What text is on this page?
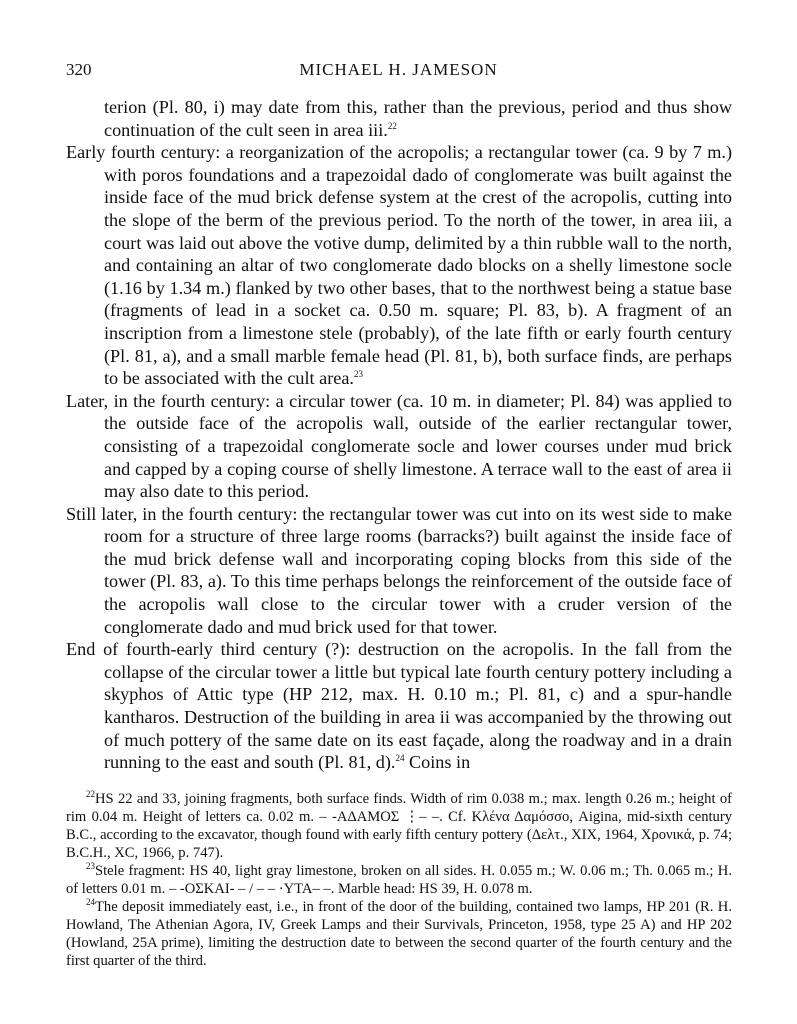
320	MICHAEL H. JAMESON

terion (Pl. 80, i) may date from this, rather than the previous, period and thus show continuation of the cult seen in area iii.$^{22}$

Early fourth century: a reorganization of the acropolis; a rectangular tower (ca. 9 by 7 m.) with poros foundations and a trapezoidal dado of conglomerate was built against the inside face of the mud brick defense system at the crest of the acropolis, cutting into the slope of the berm of the previous period. To the north of the tower, in area iii, a court was laid out above the votive dump, delimited by a thin rubble wall to the north, and containing an altar of two conglomerate dado blocks on a shelly limestone socle (1.16 by 1.34 m.) flanked by two other bases, that to the northwest being a statue base (fragments of lead in a socket ca. 0.50 m. square; Pl. 83, b). A fragment of an inscription from a limestone stele (probably), of the late fifth or early fourth century (Pl. 81, a), and a small marble female head (Pl. 81, b), both surface finds, are perhaps to be associated with the cult area.$^{23}$

Later, in the fourth century: a circular tower (ca. 10 m. in diameter; Pl. 84) was applied to the outside face of the acropolis wall, outside of the earlier rectangular tower, consisting of a trapezoidal conglomerate socle and lower courses under mud brick and capped by a coping course of shelly limestone. A terrace wall to the east of area ii may also date to this period.

Still later, in the fourth century: the rectangular tower was cut into on its west side to make room for a structure of three large rooms (barracks?) built against the inside face of the mud brick defense wall and incorporating coping blocks from this side of the tower (Pl. 83, a). To this time perhaps belongs the reinforcement of the outside face of the acropolis wall close to the circular tower with a cruder version of the conglomerate dado and mud brick used for that tower.

End of fourth-early third century (?): destruction on the acropolis. In the fall from the collapse of the circular tower a little but typical late fourth century pottery including a skyphos of Attic type (HP 212, max. H. 0.10 m.; Pl. 81, c) and a spur-handle kantharos. Destruction of the building in area ii was accompanied by the throwing out of much pottery of the same date on its east façade, along the roadway and in a drain running to the east and south (Pl. 81, d).$^{24}$ Coins in

$^{22}$HS 22 and 33, joining fragments, both surface finds. Width of rim 0.038 m.; max. length 0.26 m.; height of rim 0.04 m. Height of letters ca. 0.02 m. – -ΑΔΑΜΟΣ ⋮– –. Cf. Κλένα Δαμόσσο, Aigina, mid-sixth century B.C., according to the excavator, though found with early fifth century pottery (Δελτ., XIX, 1964, Χρονικά, p. 74; B.C.H., XC, 1966, p. 747).

$^{23}$Stele fragment: HS 40, light gray limestone, broken on all sides. H. 0.055 m.; W. 0.06 m.; Th. 0.065 m.; H. of letters 0.01 m. – -ΟΣΚΑΙ- – / – – ·ΥΤΑ– –. Marble head: HS 39, H. 0.078 m.

$^{24}$The deposit immediately east, i.e., in front of the door of the building, contained two lamps, HP 201 (R. H. Howland, The Athenian Agora, IV, Greek Lamps and their Survivals, Princeton, 1958, type 25 A) and HP 202 (Howland, 25A prime), limiting the destruction date to between the second quarter of the fourth century and the first quarter of the third.
